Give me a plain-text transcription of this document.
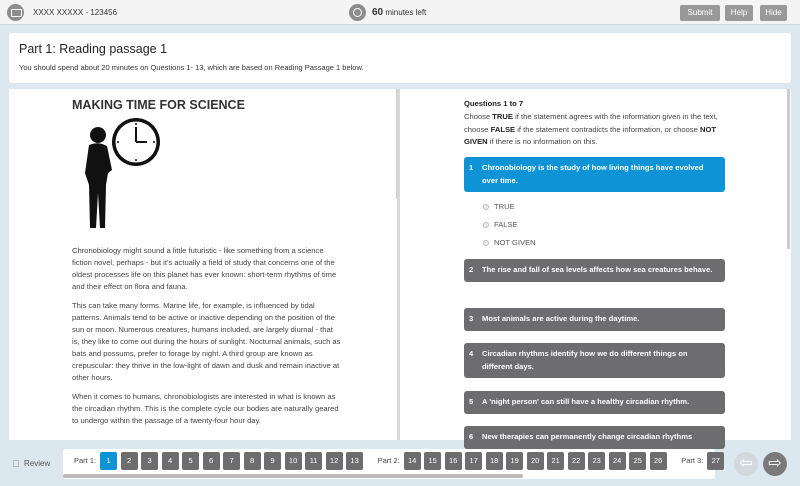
XXXX XXXXX - 123456	60 minutes left	Submit	Help	Hide
Part 1: Reading passage 1

You should spend about 20 minutes on Questions 1- 13, which are based on Reading Passage 1 below.

MAKING TIME FOR SCIENCE

Chronobiology might sound a little futuristic - like something from a science fiction novel, perhaps - but it's actually a field of study that concerns one of the oldest processes life on this planet has ever known: short-term rhythms of time and their effect on flora and fauna.

This can take many forms. Marine life, for example, is influenced by tidal patterns. Animals tend to be active or inactive depending on the position of the sun or moon. Numerous creatures, humans included, are largely diurnal - that is, they like to come out during the hours of sunlight. Nocturnal animals, such as bats and possums, prefer to forage by night. A third group are known as crepuscular: they thrive in the low-light of dawn and dusk and remain inactive at other hours.

When it comes to humans, chronobiologists are interested in what is known as the circadian rhythm. This is the complete cycle our bodies are naturally geared to undergo within the passage of a twenty-four hour day.

Questions 1 to 7
Choose TRUE if the statement agrees with the information given in the text, choose FALSE if the statement contradicts the information, or choose NOT GIVEN if there is no information on this.
1 Chronobiology is the study of how living things have evolved over time.
TRUE
FALSE
NOT GIVEN
2 The rise and fall of sea levels affects how sea creatures behave.
3 Most animals are active during the daytime.
4 Circadian rhythms identify how we do different things on different days.
5 A 'night person' can still have a healthy circadian rhythm.
6 New therapies can permanently change circadian rhythms
Review	Part 1: 1 2 3 4 5 6 7 8 9 10 11 12 13	Part 2: 14 15 16 17 18 19 20 21 22 23 24 25 26	Part 3: 27	⇦ ⇨
